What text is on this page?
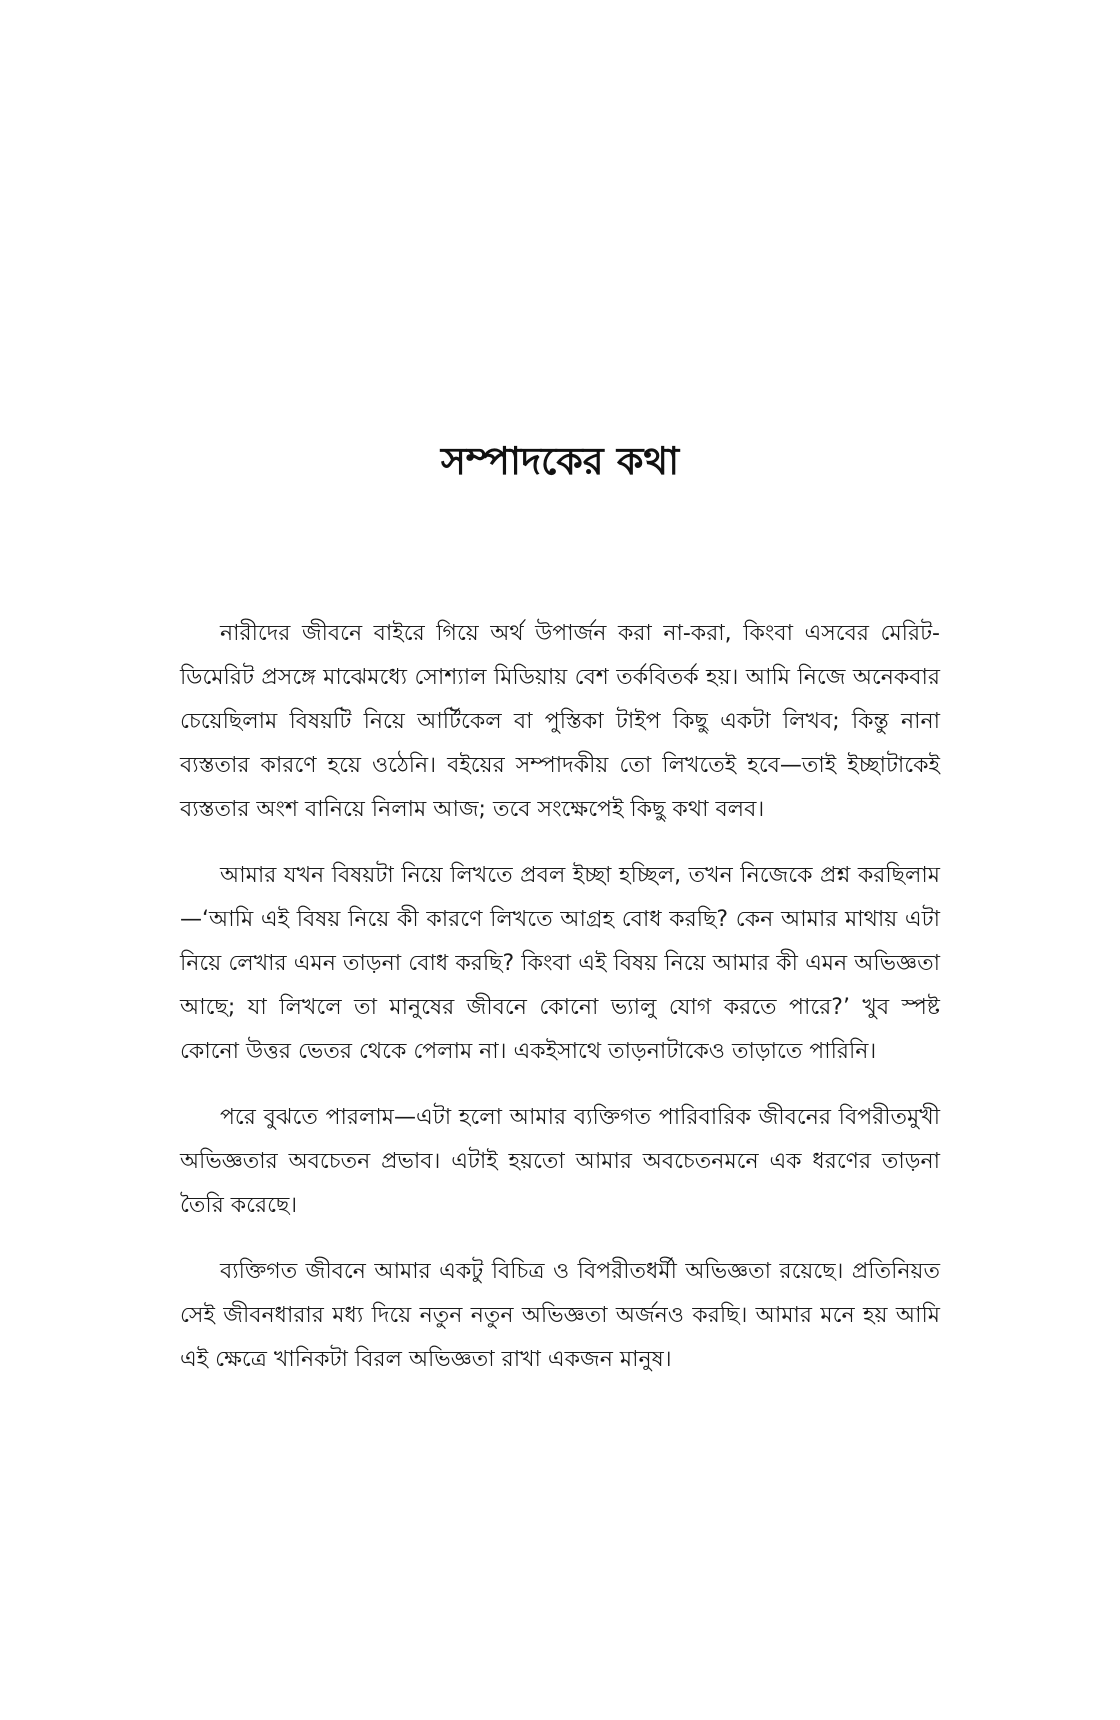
সম্পাদকের কথা

নারীদের জীবনে বাইরে গিয়ে অর্থ উপার্জন করা না-করা, কিংবা এসবের মেরিট-ডিমেরিট প্রসঙ্গে মাঝেমধ্যে সোশ্যাল মিডিয়ায় বেশ তর্কবিতর্ক হয়। আমি নিজে অনেকবার চেয়েছিলাম বিষয়টি নিয়ে আর্টিকেল বা পুস্তিকা টাইপ কিছু একটা লিখব; কিন্তু নানা ব্যস্ততার কারণে হয়ে ওঠেনি। বইয়ের সম্পাদকীয় তো লিখতেই হবে—তাই ইচ্ছাটাকেই ব্যস্ততার অংশ বানিয়ে নিলাম আজ; তবে সংক্ষেপেই কিছু কথা বলব।

আমার যখন বিষয়টা নিয়ে লিখতে প্রবল ইচ্ছা হচ্ছিল, তখন নিজেকে প্রশ্ন করছিলাম—‘আমি এই বিষয় নিয়ে কী কারণে লিখতে আগ্রহ বোধ করছি? কেন আমার মাথায় এটা নিয়ে লেখার এমন তাড়না বোধ করছি? কিংবা এই বিষয় নিয়ে আমার কী এমন অভিজ্ঞতা আছে; যা লিখলে তা মানুষের জীবনে কোনো ভ্যালু যোগ করতে পারে?’ খুব স্পষ্ট কোনো উত্তর ভেতর থেকে পেলাম না। একইসাথে তাড়নাটাকেও তাড়াতে পারিনি।

পরে বুঝতে পারলাম—এটা হলো আমার ব্যক্তিগত পারিবারিক জীবনের বিপরীতমুখী অভিজ্ঞতার অবচেতন প্রভাব। এটাই হয়তো আমার অবচেতনমনে এক ধরণের তাড়না তৈরি করেছে।

ব্যক্তিগত জীবনে আমার একটু বিচিত্র ও বিপরীতধর্মী অভিজ্ঞতা রয়েছে। প্রতিনিয়ত সেই জীবনধারার মধ্য দিয়ে নতুন নতুন অভিজ্ঞতা অর্জনও করছি। আমার মনে হয় আমি এই ক্ষেত্রে খানিকটা বিরল অভিজ্ঞতা রাখা একজন মানুষ।
